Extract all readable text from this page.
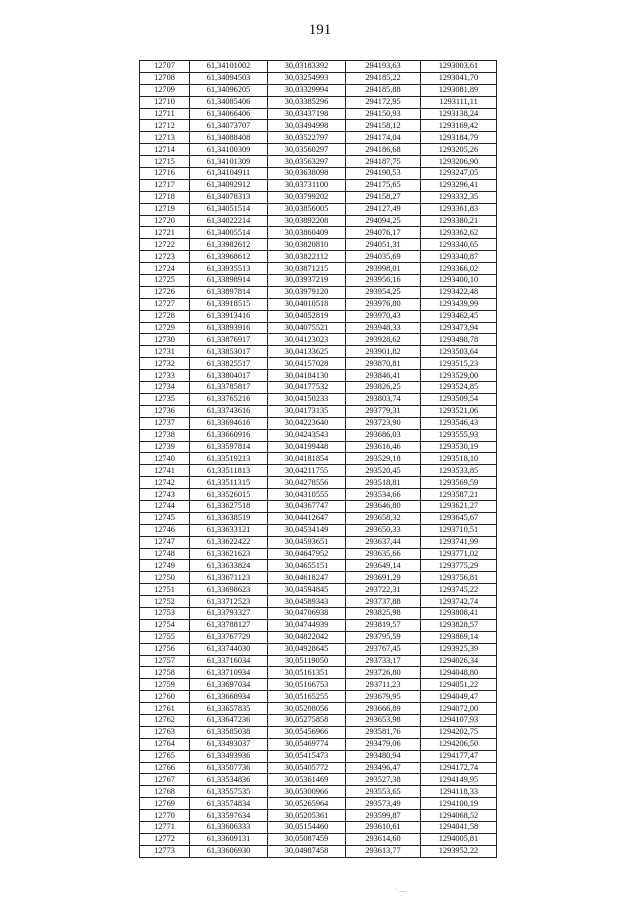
191
12707	61,34101002	30,03183392	294193,63	1293003,61
12708	61,34094503	30,03254993	294185,22	1293041,70
12709	61,34096205	30,03329994	294185,88	1293081,89
12710	61,34085406	30,03385296	294172,95	1293111,11
12711	61,34066406	30,03437198	294150,93	1293138,24
12712	61,34073707	30,03494998	294158,12	1293169,42
12713	61,34088408	30,03522797	294174,04	1293184,79
12714	61,34100309	30,03560297	294186,68	1293205,26
12715	61,34101309	30,03563297	294187,75	1293206,90
12716	61,34104911	30,03638098	294190,53	1293247,05
12717	61,34092912	30,03731100	294175,65	1293296,41
12718	61,34078313	30,03799202	294158,27	1293332,35
12719	61,34051514	30,03856005	294127,49	1293361,83
12720	61,34022214	30,03892208	294094,25	1293380,21
12721	61,34005514	30,03860409	294076,17	1293362,62
12722	61,33982612	30,03820810	294051,31	1293340,65
12723	61,33968612	30,03822112	294035,69	1293340,87
12724	61,33935513	30,03871215	293998,01	1293366,02
12725	61,33898914	30,03937219	293956,16	1293400,10
12726	61,33897814	30,03979120	293954,25	1293422,48
12727	61,33918515	30,04010518	293976,80	1293439,99
12728	61,33913416	30,04052819	293970,43	1293462,45
12729	61,33893916	30,04075521	293948,33	1293473,94
12730	61,33876917	30,04123023	293928,62	1293498,78
12731	61,33853017	30,04133625	293901,82	1293503,64
12732	61,33825517	30,04157028	293870,81	1293515,23
12733	61,33804017	30,04184130	293846,41	1293529,00
12734	61,33785817	30,04177532	293826,25	1293524,85
12735	61,33765216	30,04150233	293803,74	1293509,54
12736	61,33743616	30,04173135	293779,31	1293521,06
12737	61,33694616	30,04223640	293723,90	1293546,43
12738	61,33660916	30,04243543	293686,03	1293555,93
12739	61,33597814	30,04199448	293616,46	1293530,19
12740	61,33519213	30,04181854	293529,18	1293518,10
12741	61,33511813	30,04211755	293520,45	1293533,85
12742	61,33511315	30,04278556	293518,81	1293569,59
12743	61,33526015	30,04310555	293534,66	1293587,21
12744	61,33627518	30,04367747	293646,80	1293621,27
12745	61,33638519	30,04412647	293658,32	1293645,67
12746	61,33633121	30,04534149	293650,33	1293710,51
12747	61,33622422	30,04593651	293637,44	1293741,99
12748	61,33621623	30,04647952	293635,66	1293771,02
12749	61,33633824	30,04655151	293649,14	1293775,29
12750	61,33671123	30,04618247	293691,29	1293756,81
12751	61,33698623	30,04594845	293722,31	1293745,22
12752	61,33712523	30,04589343	293737,88	1293742,74
12753	61,33793327	30,04706938	293825,98	1293808,41
12754	61,33788127	30,04744939	293819,57	1293828,57
12755	61,33767729	30,04822042	293795,59	1293869,14
12756	61,33744030	30,04928645	293767,45	1293925,39
12757	61,33716034	30,05119050	293733,17	1294026,34
12758	61,33710934	30,05161351	293726,80	1294048,80
12759	61,33697034	30,05166753	293711,23	1294051,22
12760	61,33668934	30,05165255	293679,95	1294049,47
12761	61,33657835	30,05208056	293666,89	1294072,00
12762	61,33647236	30,05275858	293653,98	1294107,93
12763	61,33585038	30,05456966	293581,76	1294202,75
12764	61,33493037	30,05469774	293479,06	1294206,50
12765	61,33493936	30,05415473	293480,94	1294177,47
12766	61,33507736	30,05405772	293496,47	1294172,74
12767	61,33534836	30,05361469	293527,38	1294149,95
12768	61,33557535	30,05300966	293553,65	1294118,33
12769	61,33574834	30,05265964	293573,49	1294100,19
12770	61,33597634	30,05205361	293599,87	1294068,52
12771	61,33606333	30,05154460	293610,61	1294041,58
12772	61,33609131	30,05087459	293614,60	1294005,81
12773	61,33606930	30,04987458	293613,77	1293952,22
· ....
